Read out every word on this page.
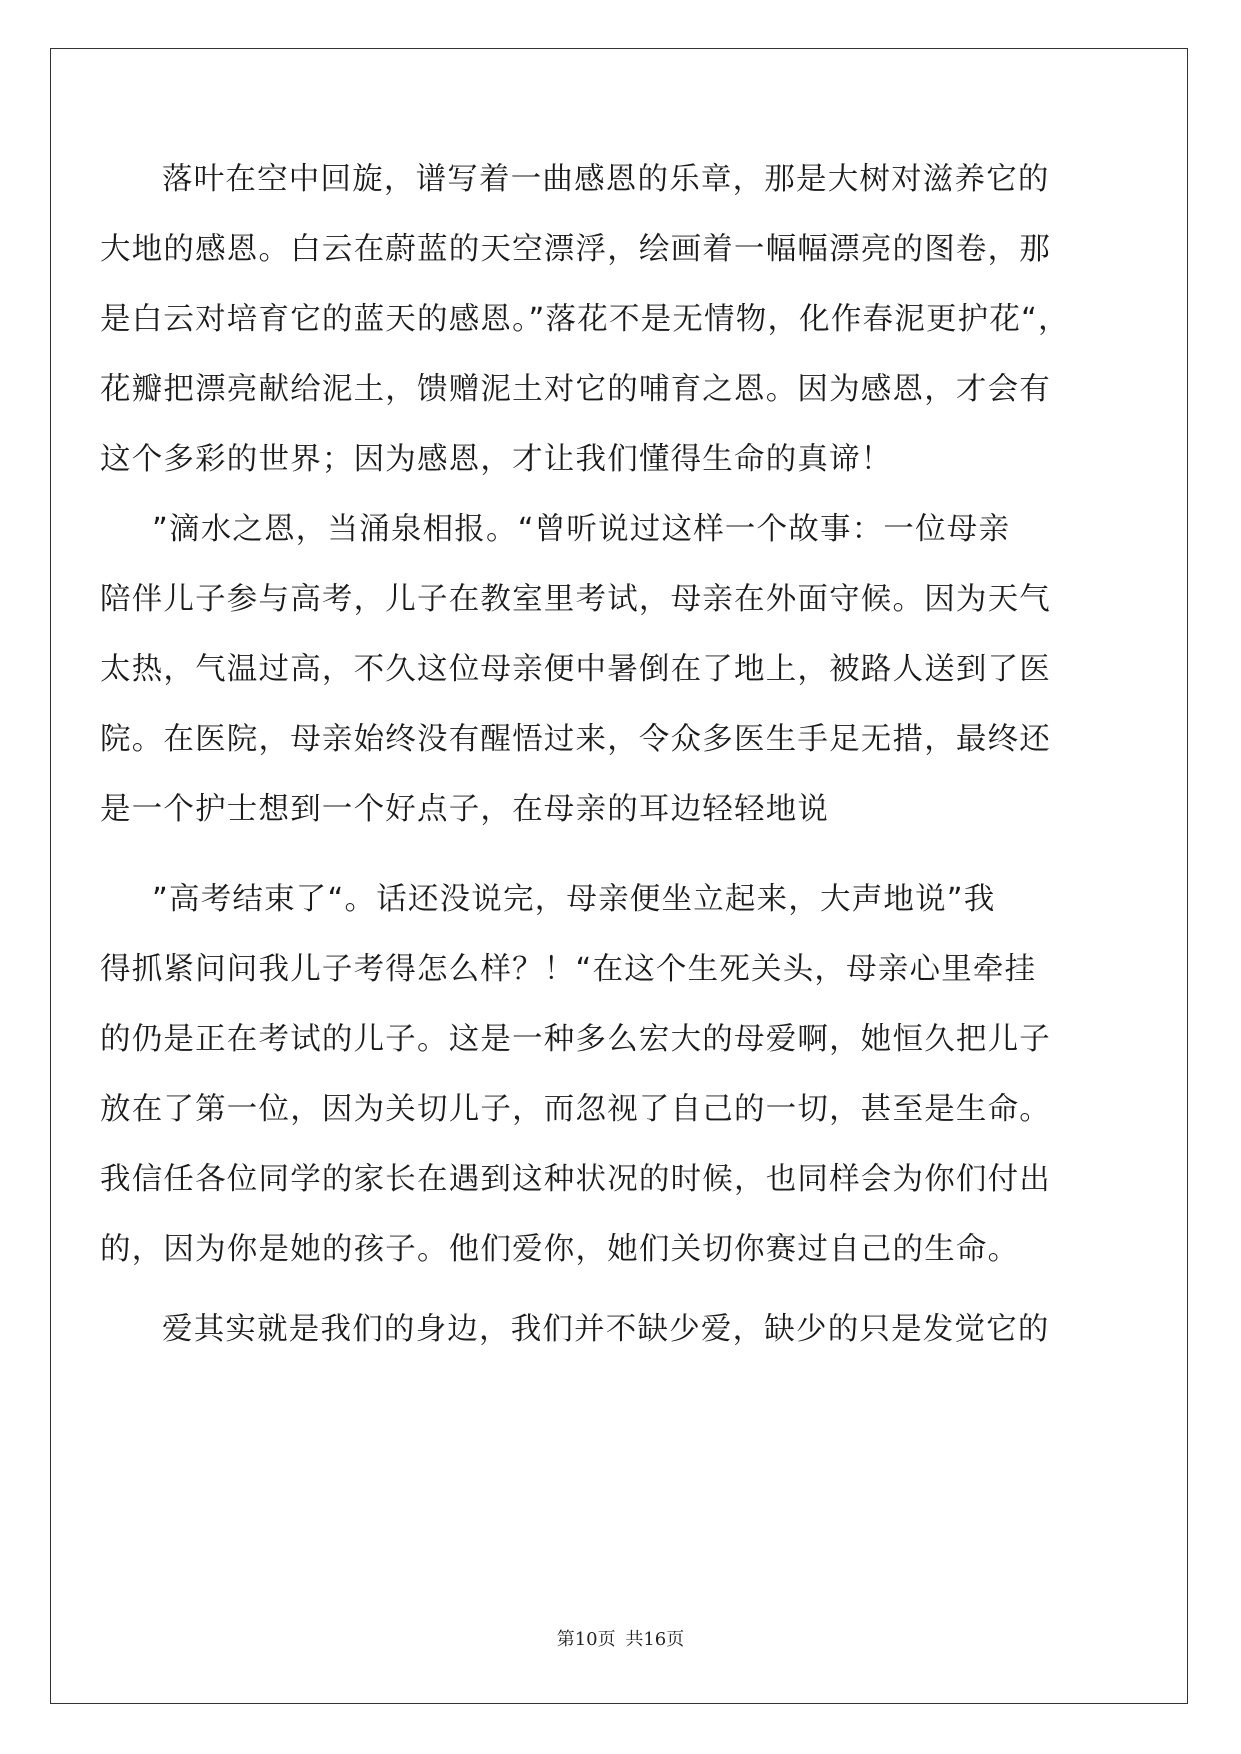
落叶在空中回旋，谱写着一曲感恩的乐章，那是大树对滋养它的
大地的感恩。白云在蔚蓝的天空漂浮，绘画着一幅幅漂亮的图卷，那
是白云对培育它的蓝天的感恩。”落花不是无情物，化作春泥更护花“，
花瓣把漂亮献给泥土，馈赠泥土对它的哺育之恩。因为感恩，才会有
这个多彩的世界；因为感恩，才让我们懂得生命的真谛！
”滴水之恩，当涌泉相报。“曾听说过这样一个故事：一位母亲
陪伴儿子参与高考，儿子在教室里考试，母亲在外面守候。因为天气
太热，气温过高，不久这位母亲便中暑倒在了地上，被路人送到了医
院。在医院，母亲始终没有醒悟过来，令众多医生手足无措，最终还
是一个护士想到一个好点子，在母亲的耳边轻轻地说
”高考结束了“。话还没说完，母亲便坐立起来，大声地说”我
得抓紧问问我儿子考得怎么样？！“在这个生死关头，母亲心里牵挂
的仍是正在考试的儿子。这是一种多么宏大的母爱啊，她恒久把儿子
放在了第一位，因为关切儿子，而忽视了自己的一切，甚至是生命。
我信任各位同学的家长在遇到这种状况的时候，也同样会为你们付出
的，因为你是她的孩子。他们爱你，她们关切你赛过自己的生命。
爱其实就是我们的身边，我们并不缺少爱，缺少的只是发觉它的
第10页 共16页
